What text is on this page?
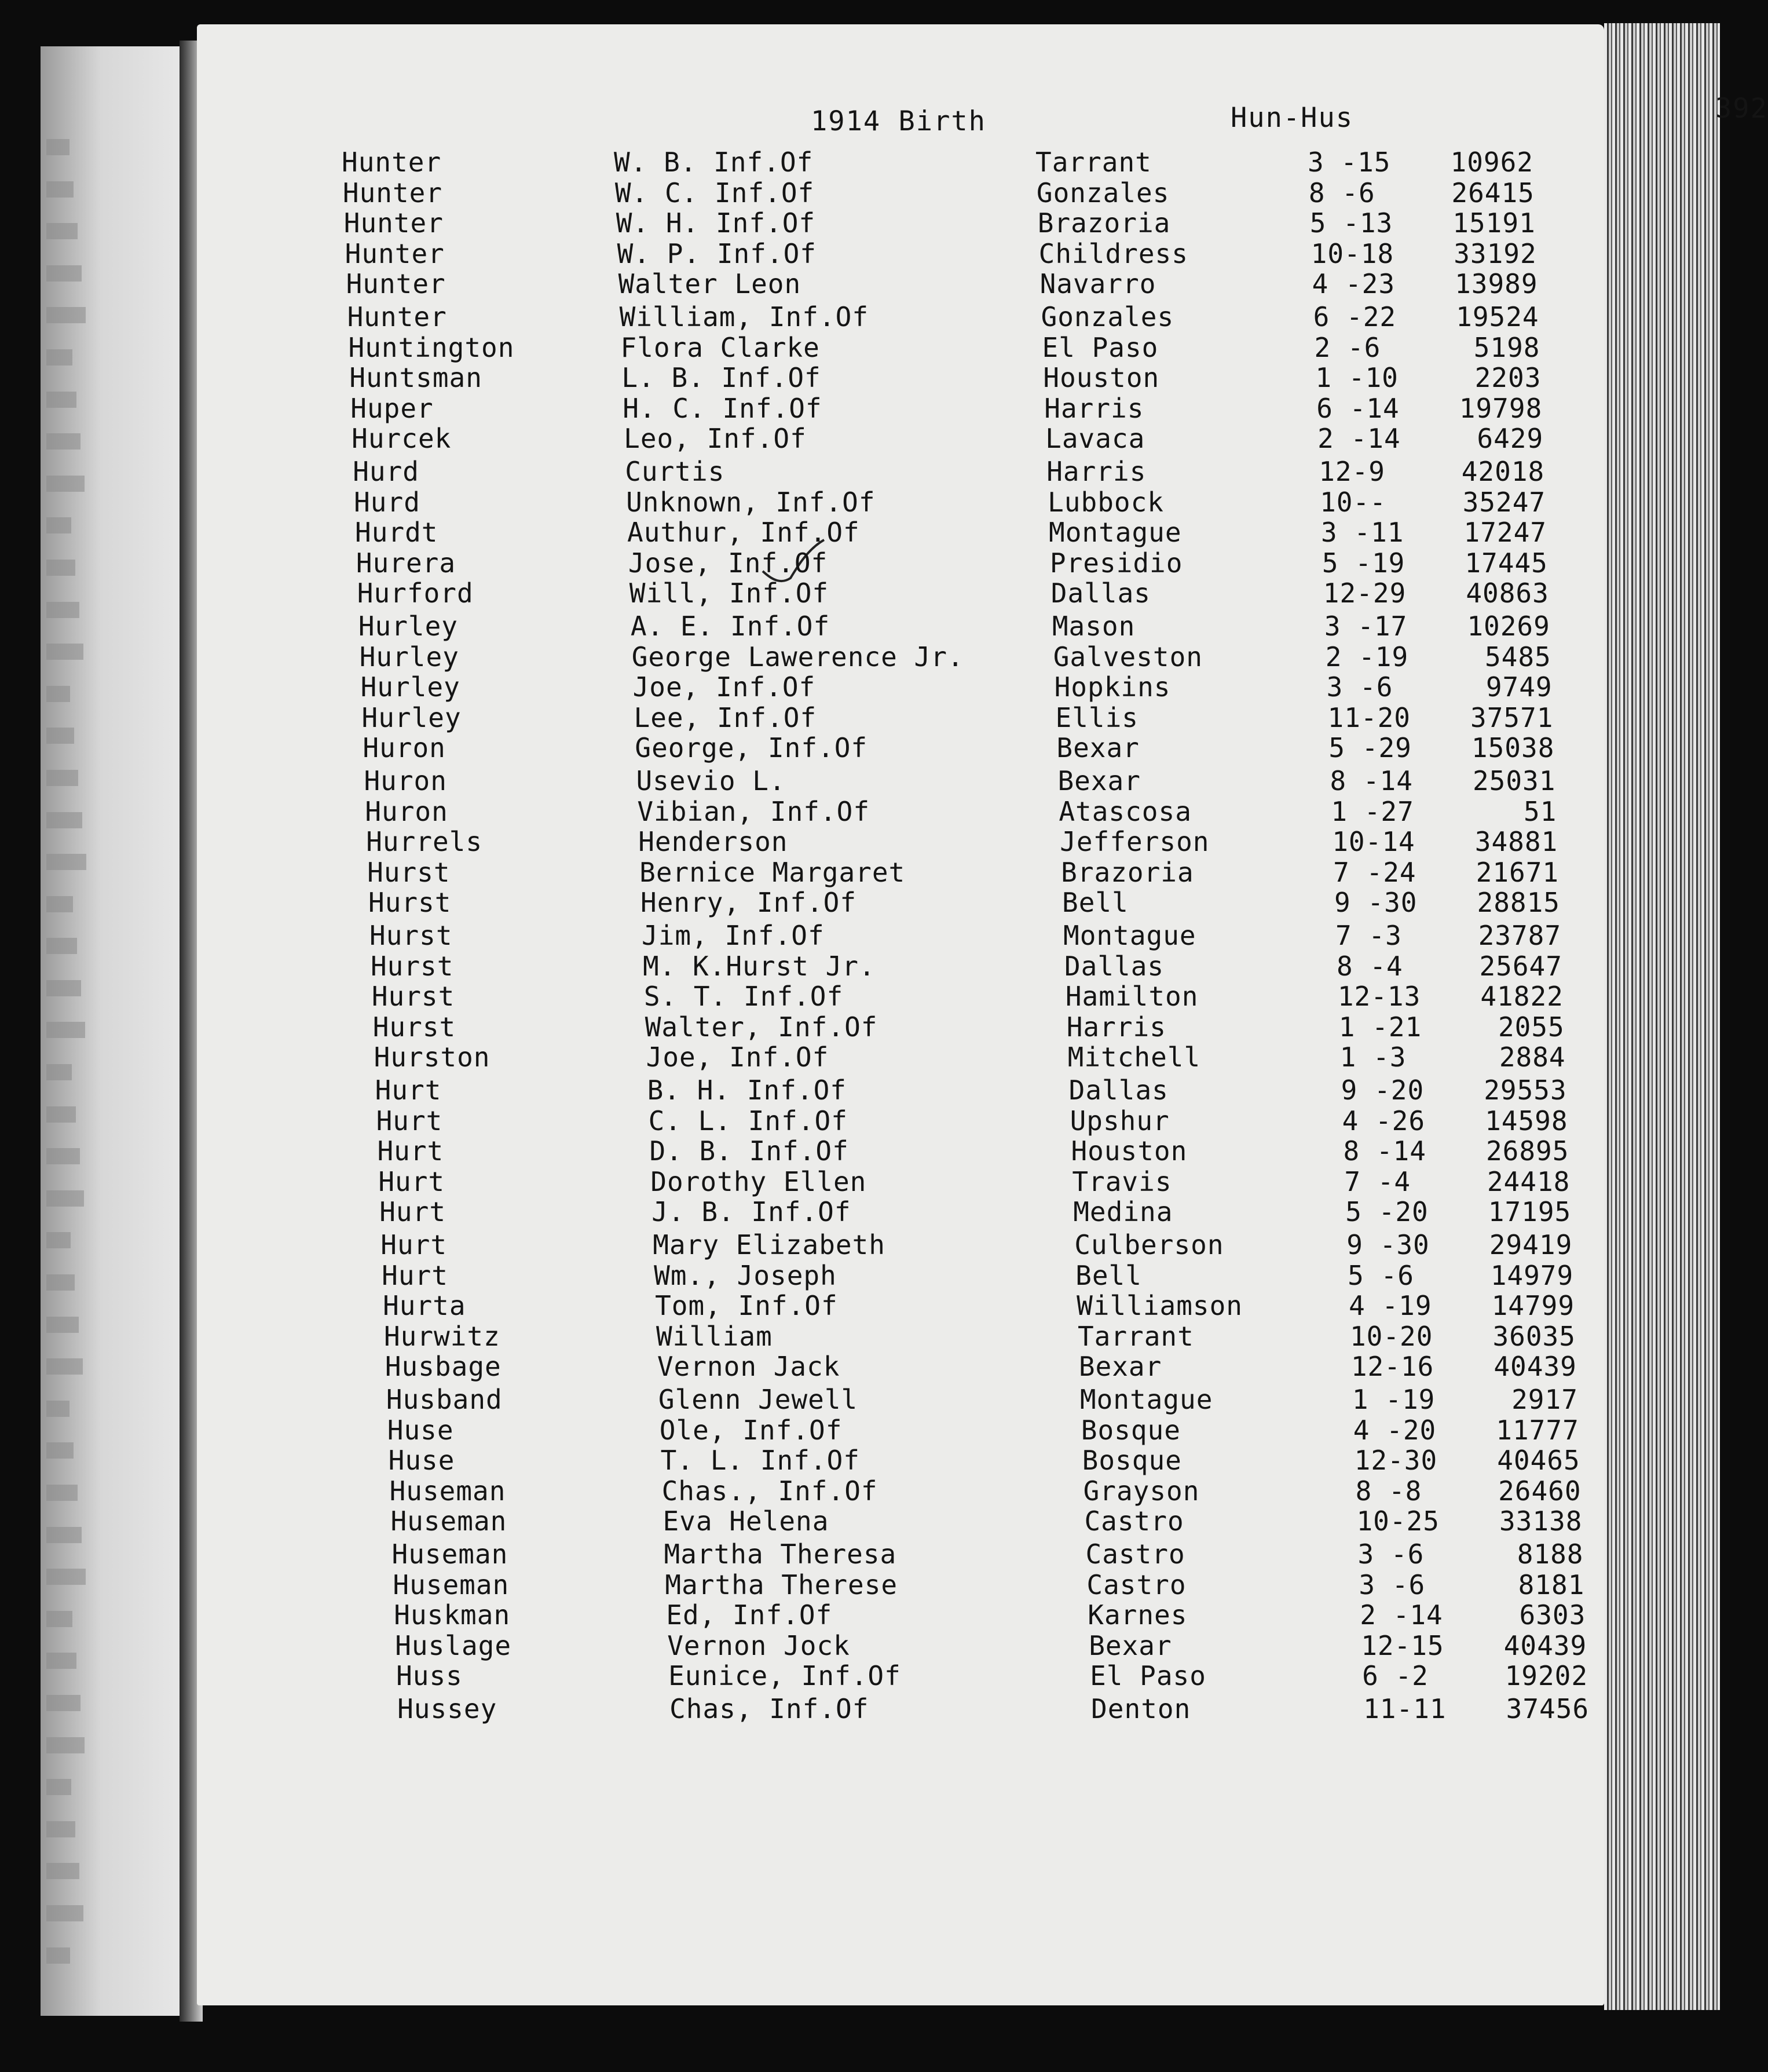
1914 Birth	Hun-Hus	392
Hunter	W. B. Inf.Of	Tarrant	3 -15	10962
Hunter	W. C. Inf.Of	Gonzales	8 -6	26415
Hunter	W. H. Inf.Of	Brazoria	5 -13	15191
Hunter	W. P. Inf.Of	Childress	10-18	33192
Hunter	Walter Leon	Navarro	4 -23	13989
Hunter	William, Inf.Of	Gonzales	6 -22	19524
Huntington	Flora Clarke	El Paso	2 -6	5198
Huntsman	L. B. Inf.Of	Houston	1 -10	2203
Huper	H. C. Inf.Of	Harris	6 -14	19798
Hurcek	Leo, Inf.Of	Lavaca	2 -14	6429
Hurd	Curtis	Harris	12-9	42018
Hurd	Unknown, Inf.Of	Lubbock	10--	35247
Hurdt	Authur, Inf.Of	Montague	3 -11	17247
Hurera	Jose, Inf.Of	Presidio	5 -19	17445
Hurford	Will, Inf.Of	Dallas	12-29	40863
Hurley	A. E. Inf.Of	Mason	3 -17	10269
Hurley	George Lawerence Jr.	Galveston	2 -19	5485
Hurley	Joe, Inf.Of	Hopkins	3 -6	9749
Hurley	Lee, Inf.Of	Ellis	11-20	37571
Huron	George, Inf.Of	Bexar	5 -29	15038
Huron	Usevio L.	Bexar	8 -14	25031
Huron	Vibian, Inf.Of	Atascosa	1 -27	51
Hurrels	Henderson	Jefferson	10-14	34881
Hurst	Bernice Margaret	Brazoria	7 -24	21671
Hurst	Henry, Inf.Of	Bell	9 -30	28815
Hurst	Jim, Inf.Of	Montague	7 -3	23787
Hurst	M. K.Hurst Jr.	Dallas	8 -4	25647
Hurst	S. T. Inf.Of	Hamilton	12-13	41822
Hurst	Walter, Inf.Of	Harris	1 -21	2055
Hurston	Joe, Inf.Of	Mitchell	1 -3	2884
Hurt	B. H. Inf.Of	Dallas	9 -20	29553
Hurt	C. L. Inf.Of	Upshur	4 -26	14598
Hurt	D. B. Inf.Of	Houston	8 -14	26895
Hurt	Dorothy Ellen	Travis	7 -4	24418
Hurt	J. B. Inf.Of	Medina	5 -20	17195
Hurt	Mary Elizabeth	Culberson	9 -30	29419
Hurt	Wm., Joseph	Bell	5 -6	14979
Hurta	Tom, Inf.Of	Williamson	4 -19	14799
Hurwitz	William	Tarrant	10-20	36035
Husbage	Vernon Jack	Bexar	12-16	40439
Husband	Glenn Jewell	Montague	1 -19	2917
Huse	Ole, Inf.Of	Bosque	4 -20	11777
Huse	T. L. Inf.Of	Bosque	12-30	40465
Huseman	Chas., Inf.Of	Grayson	8 -8	26460
Huseman	Eva Helena	Castro	10-25	33138
Huseman	Martha Theresa	Castro	3 -6	8188
Huseman	Martha Therese	Castro	3 -6	8181
Huskman	Ed, Inf.Of	Karnes	2 -14	6303
Huslage	Vernon Jock	Bexar	12-15	40439
Huss	Eunice, Inf.Of	El Paso	6 -2	19202
Hussey	Chas, Inf.Of	Denton	11-11	37456
